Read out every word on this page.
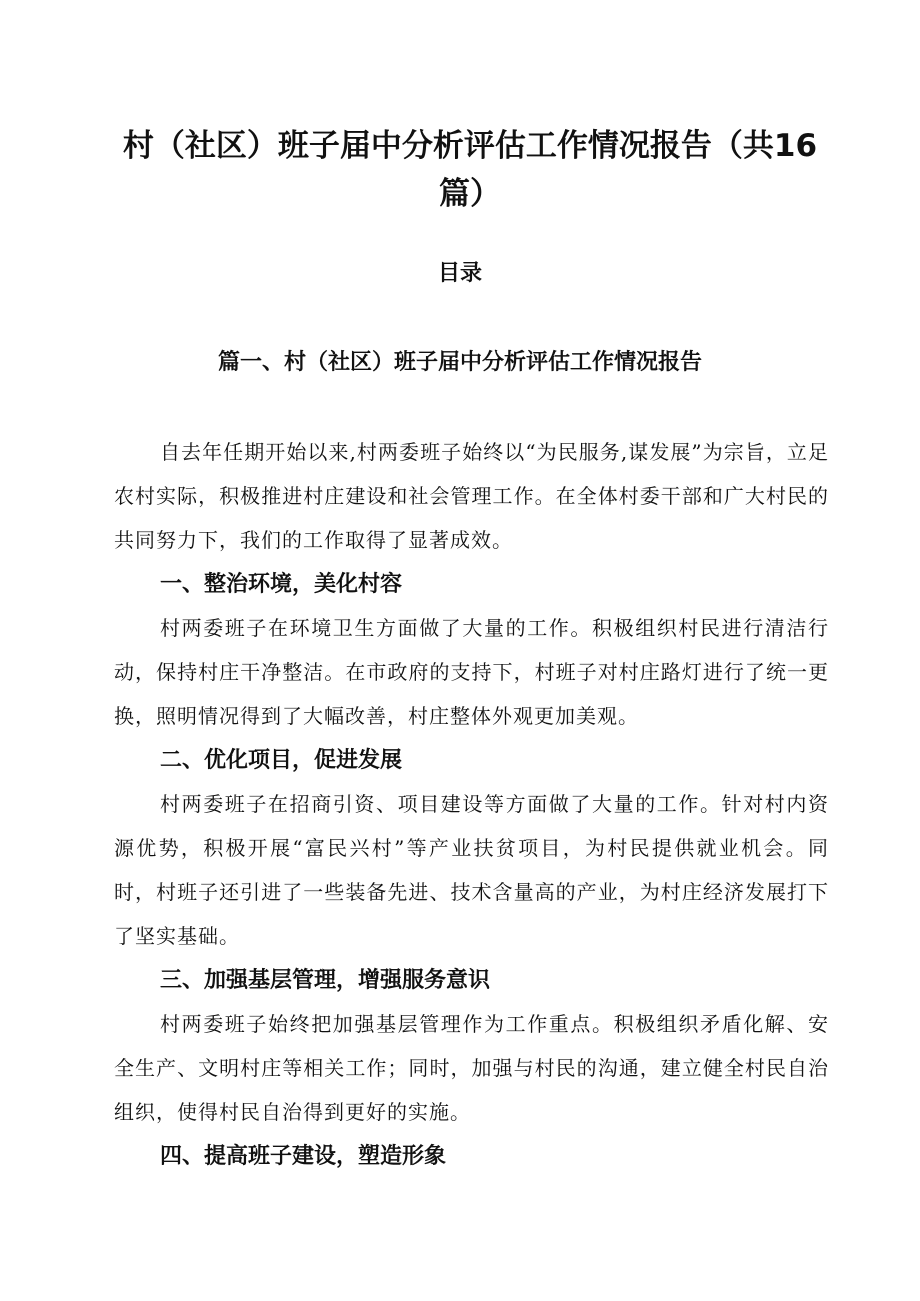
村（社区）班子届中分析评估工作情况报告（共16篇）
目录
篇一、村（社区）班子届中分析评估工作情况报告

自去年任期开始以来,村两委班子始终以“为民服务,谋发展”为宗旨，立足农村实际，积极推进村庄建设和社会管理工作。在全体村委干部和广大村民的共同努力下，我们的工作取得了显著成效。

一、整治环境，美化村容

村两委班子在环境卫生方面做了大量的工作。积极组织村民进行清洁行动，保持村庄干净整洁。在市政府的支持下，村班子对村庄路灯进行了统一更换，照明情况得到了大幅改善，村庄整体外观更加美观。

二、优化项目，促进发展

村两委班子在招商引资、项目建设等方面做了大量的工作。针对村内资源优势，积极开展“富民兴村”等产业扶贫项目，为村民提供就业机会。同时，村班子还引进了一些装备先进、技术含量高的产业，为村庄经济发展打下了坚实基础。

三、加强基层管理，增强服务意识

村两委班子始终把加强基层管理作为工作重点。积极组织矛盾化解、安全生产、文明村庄等相关工作；同时，加强与村民的沟通，建立健全村民自治组织，使得村民自治得到更好的实施。

四、提高班子建设，塑造形象
